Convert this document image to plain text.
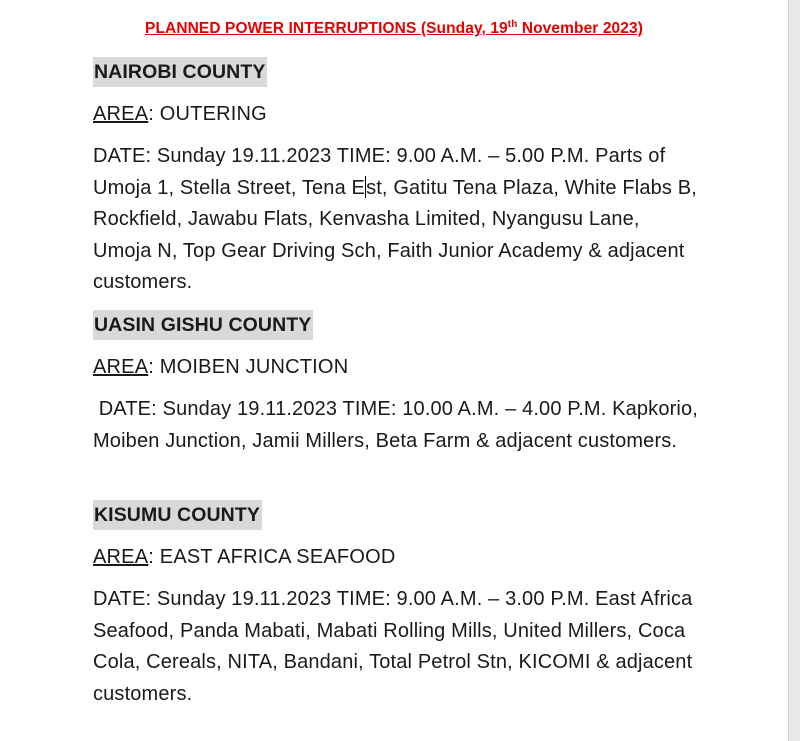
PLANNED POWER INTERRUPTIONS (Sunday, 19th November 2023)
NAIROBI COUNTY
AREA: OUTERING
DATE: Sunday 19.11.2023 TIME: 9.00 A.M. – 5.00 P.M. Parts of Umoja 1, Stella Street, Tena Est, Gatitu Tena Plaza, White Flabs B, Rockfield, Jawabu Flats, Kenvasha Limited, Nyangusu Lane, Umoja N, Top Gear Driving Sch, Faith Junior Academy & adjacent customers.
UASIN GISHU COUNTY
AREA: MOIBEN JUNCTION
DATE: Sunday 19.11.2023 TIME: 10.00 A.M. – 4.00 P.M. Kapkorio, Moiben Junction, Jamii Millers, Beta Farm & adjacent customers.
KISUMU COUNTY
AREA: EAST AFRICA SEAFOOD
DATE: Sunday 19.11.2023 TIME: 9.00 A.M. – 3.00 P.M. East Africa Seafood, Panda Mabati, Mabati Rolling Mills, United Millers, Coca Cola, Cereals, NITA, Bandani, Total Petrol Stn, KICOMI & adjacent customers.
